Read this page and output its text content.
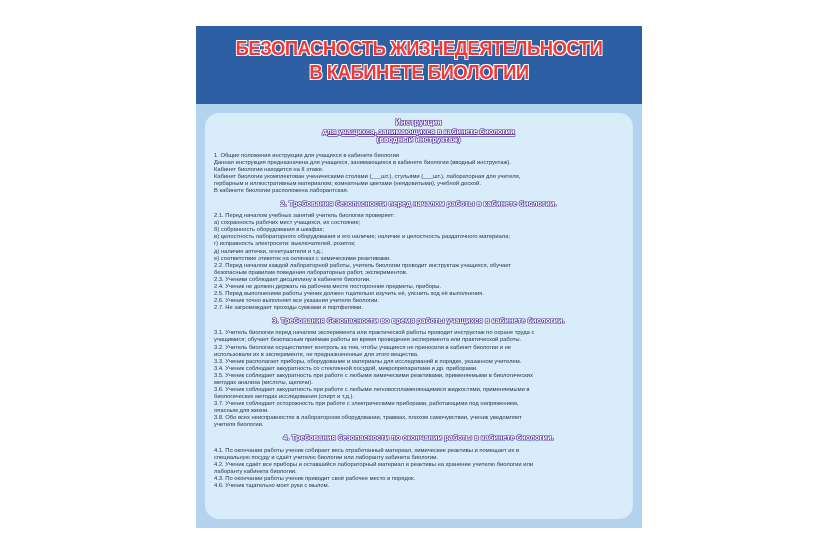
БЕЗОПАСНОСТЬ ЖИЗНЕДЕЯТЕЛЬНОСТИ
В КАБИНЕТЕ БИОЛОГИИ
Инструкция
для учащихся, занимающихся в кабинете биологии
(вводный инструктаж)
1. Общие положения инструкции для учащихся в кабинете биологии
Данная инструкция предназначена для учащихся, занимающихся в кабинете биологии (вводный инструктаж).
Кабинет биологии находится на II этаже.
Кабинет биологии укомплектован ученическими столами (___шт.), стульями (___шт.), лабораторная для учителя,
гербарным и иллюстративным материалом; комнатными цветами (неядовитыми), учебной доской.
В кабинете биологии расположена лаборантская.
2. Требования безопасности перед началом работы в кабинете биологии.
2.1. Перед началом учебных занятий учитель биологии проверяет:
а) сохранность рабочих мест учащихся, их состояние;
б) собранность оборудования в шкафах;
в) целостность лабораторного оборудования и его наличие; наличие и целостность раздаточного материала;
г) исправность электросети: выключателей, розеток;
д) наличие аптечки, огнетушителя и т.д.;
е) соответствие этикеток на склянках с химическими реактивами.
2.2. Перед началом каждой лабораторной работы, учитель биологии проводит инструктаж учащихся, обучает
безопасным правилам поведения лабораторных работ, экспериментов.
2.3. Ученики соблюдает дисциплину в кабинете биологии.
2.4. Ученик не должен держать на рабочем месте посторонние предметы, приборы.
2.5. Перед выполнением работы ученик должен тщательно изучить её, уяснить ход её выполнения.
2.6. Ученик точно выполняет все указания учителя биологии.
2.7. Не загромождает проходы сумками и портфелями.
3. Требования безопасности во время работы учащихся в кабинете биологии.
3.1. Учитель биологии перед началом эксперимента или практической работы проводит инструктаж по охране труда с
учащимися; обучает безопасным приёмам работы во время проведения эксперимента или практической работы.
3.2. Учитель биологии осуществляет контроль за тем, чтобы учащиеся не приносили в кабинет биологии и не
использовали их в эксперименте, не предназначенные для этого вещества.
3.3. Ученик располагает приборы, оборудование и материалы для исследований в порядке, указанном учителем.
3.4. Ученик соблюдает аккуратность со стеклянной посудой, микропрепаратами и др. приборами.
3.5. Ученик соблюдает аккуратность при работе с любыми химическими реактивами, применяемыми в биологических
методах анализа (кислоты, щелочи).
3.6. Ученик соблюдает аккуратность при работе с любыми легковоспламеняющимися жидкостями, применяемыми в
биологических методах исследования (спирт и т.д.).
3.7. Ученик соблюдает осторожность при работе с электрическими приборами, работающими под напряжением,
опасным для жизни.
3.8. Обо всех неисправностях в лабораторном оборудовании, травмах, плохом самочувствии, ученик уведомляет
учителя биологии.
4. Требования безопасности по окончании работы в кабинете биологии.
4.1. По окончании работы ученик собирает весь отработанный материал, химические реактивы и помещает их в
специальную посуду и сдаёт учителю биологии или лаборанту кабинета биологии.
4.2. Ученик сдаёт все приборы и оставшийся лабораторный материал и реактивы на хранение учителю биологии или
лаборанту кабинета биологии.
4.3. По окончании работы ученик приводит своё рабочее место в порядок.
4.6. Ученик тщательно моет руки с мылом.
